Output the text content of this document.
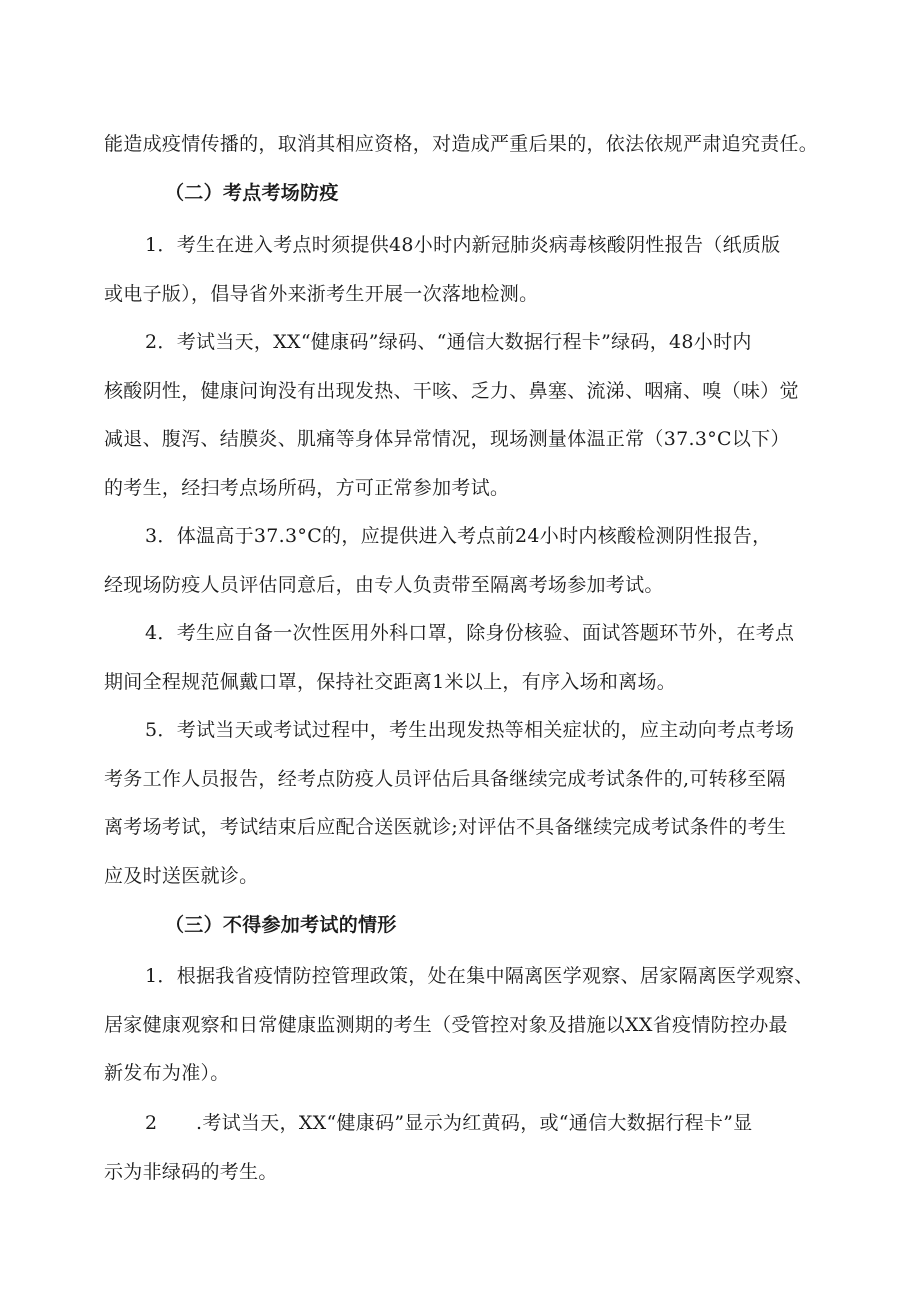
能造成疫情传播的，取消其相应资格，对造成严重后果的，依法依规严肃追究责任。
（二）考点考场防疫
1．考生在进入考点时须提供48小时内新冠肺炎病毒核酸阴性报告（纸质版
或电子版），倡导省外来浙考生开展一次落地检测。
2．考试当天，XX“健康码”绿码、“通信大数据行程卡”绿码，48小时内
核酸阴性，健康问询没有出现发热、干咳、乏力、鼻塞、流涕、咽痛、嗅（味）觉
减退、腹泻、结膜炎、肌痛等身体异常情况，现场测量体温正常（37.3°C以下）
的考生，经扫考点场所码，方可正常参加考试。
3．体温高于37.3°C的，应提供进入考点前24小时内核酸检测阴性报告，
经现场防疫人员评估同意后，由专人负责带至隔离考场参加考试。
4．考生应自备一次性医用外科口罩，除身份核验、面试答题环节外，在考点
期间全程规范佩戴口罩，保持社交距离1米以上，有序入场和离场。
5．考试当天或考试过程中，考生出现发热等相关症状的，应主动向考点考场
考务工作人员报告，经考点防疫人员评估后具备继续完成考试条件的,可转移至隔
离考场考试，考试结束后应配合送医就诊;对评估不具备继续完成考试条件的考生
应及时送医就诊。
（三）不得参加考试的情形
1．根据我省疫情防控管理政策，处在集中隔离医学观察、居家隔离医学观察、
居家健康观察和日常健康监测期的考生（受管控对象及措施以XX省疫情防控办最
新发布为准）。
2　　.考试当天，XX“健康码”显示为红黄码，或“通信大数据行程卡”显
示为非绿码的考生。
